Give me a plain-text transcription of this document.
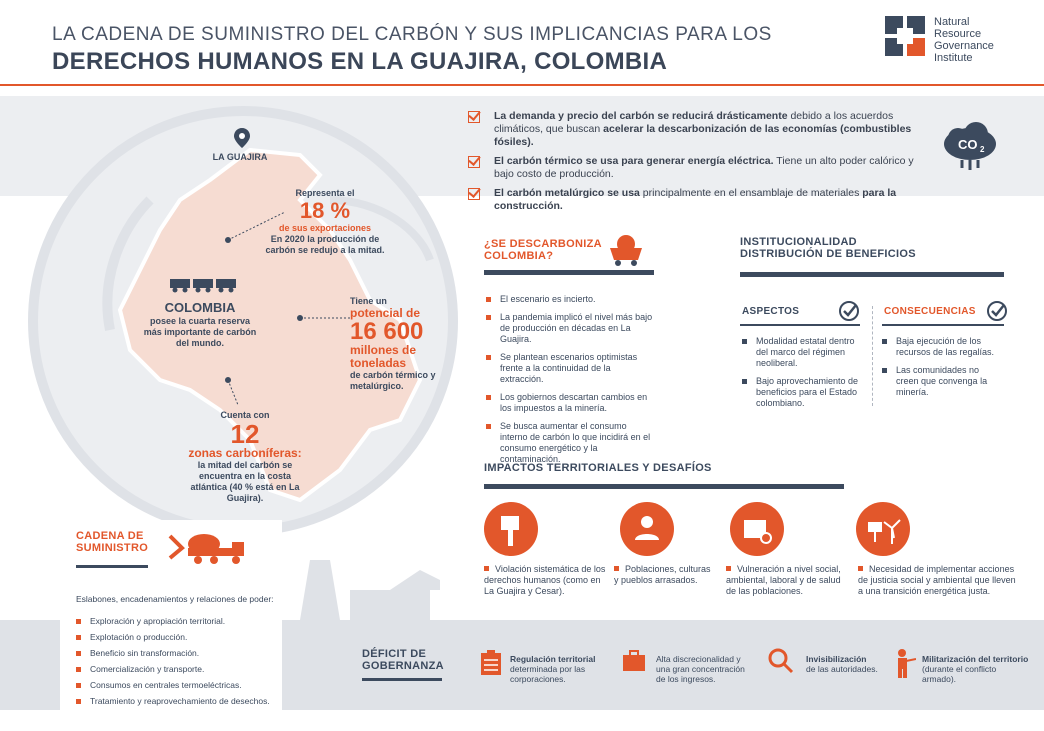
LA CADENA DE SUMINISTRO DEL CARBÓN Y SUS IMPLICANCIAS PARA LOS
DERECHOS HUMANOS EN LA GUAJIRA, COLOMBIA
Natural
Resource
Governance
Institute
La demanda y precio del carbón se reducirá drásticamente debido a los acuerdos climáticos, que buscan acelerar la descarbonización de las economías (combustibles fósiles).
El carbón térmico se usa para generar energía eléctrica. Tiene un alto poder calórico y bajo costo de producción.
El carbón metalúrgico se usa principalmente en el ensamblaje de materiales para la construcción.
CO 2
LA GUAJIRA
Representa el
18 %
de sus exportaciones
En 2020 la producción de carbón se redujo a la mitad.
COLOMBIA
posee la cuarta reserva más importante de carbón del mundo.
Tiene un
potencial de
16 600
millones de toneladas
de carbón térmico y metalúrgico.
Cuenta con
12
zonas carboníferas:
la mitad del carbón se encuentra en la costa atlántica (40 % está en La Guajira).
¿SE DESCARBONIZA
COLOMBIA?
El escenario es incierto.
La pandemia implicó el nivel más bajo de producción en décadas en La Guajira.
Se plantean escenarios optimistas frente a la continuidad de la extracción.
Los gobiernos descartan cambios en los impuestos a la minería.
Se busca aumentar el consumo interno de carbón lo que incidirá en el consumo energético y la contaminación.
INSTITUCIONALIDAD
DISTRIBUCIÓN DE BENEFICIOS
ASPECTOS
Modalidad estatal dentro del marco del régimen neoliberal.
Bajo aprovechamiento de beneficios para el Estado colombiano.
CONSECUENCIAS
Baja ejecución de los recursos de las regalías.
Las comunidades no creen que convenga la minería.
IMPACTOS TERRITORIALES Y DESAFÍOS
Violación sistemática de los derechos humanos (como en La Guajira y Cesar).
Poblaciones, culturas y pueblos arrasados.
Vulneración a nivel social, ambiental, laboral y de salud de las poblaciones.
Necesidad de implementar acciones de justicia social y ambiental que lleven a una transición energética justa.
CADENA DE
SUMINISTRO
Eslabones, encadenamientos y relaciones de poder:
Exploración y apropiación territorial.
Explotación o producción.
Beneficio sin transformación.
Comercialización y transporte.
Consumos en centrales termoeléctricas.
Tratamiento y reaprovechamiento de desechos.
DÉFICIT DE
GOBERNANZA
Regulación territorial
determinada por las corporaciones.
Alta discrecionalidad y una gran concentración de los ingresos.
Invisibilización
de las autoridades.
Militarización del territorio
(durante el conflicto armado).
